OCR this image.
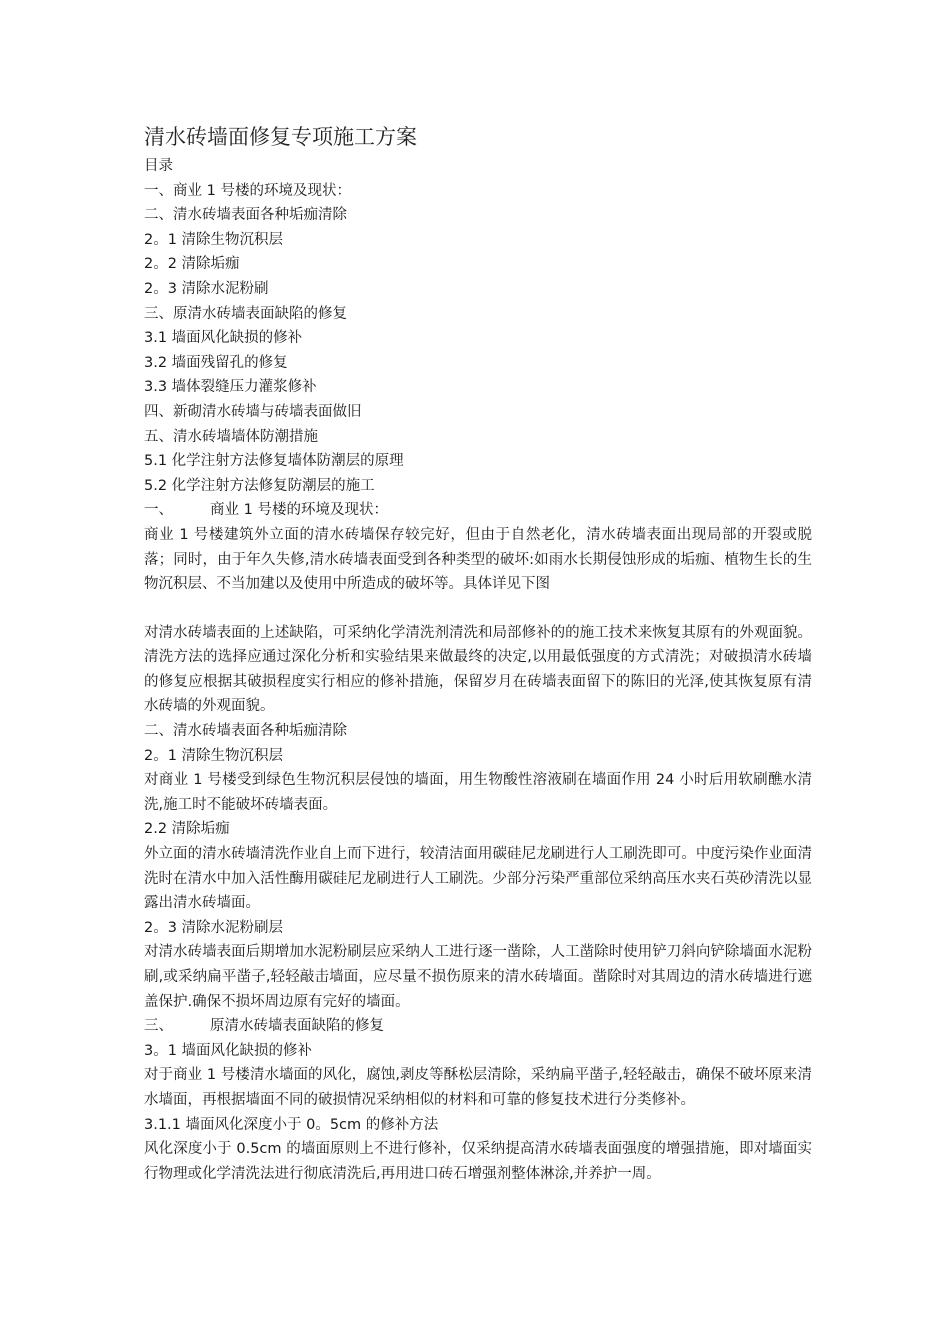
清水砖墙面修复专项施工方案

目录

一、商业 1 号楼的环境及现状：

二、清水砖墙表面各种垢痂清除

2。1 清除生物沉积层

2。2 清除垢痂

2。3 清除水泥粉刷

三、原清水砖墙表面缺陷的修复

3.1 墙面风化缺损的修补

3.2 墙面残留孔的修复

3.3 墙体裂缝压力灌浆修补

四、新砌清水砖墙与砖墙表面做旧

五、清水砖墙墙体防潮措施

5.1 化学注射方法修复墙体防潮层的原理

5.2 化学注射方法修复防潮层的施工

一、	商业 1 号楼的环境及现状：

商业 1 号楼建筑外立面的清水砖墙保存较完好，但由于自然老化，清水砖墙表面出现局部的开裂或脱落；同时，由于年久失修,清水砖墙表面受到各种类型的破坏:如雨水长期侵蚀形成的垢痂、植物生长的生物沉积层、不当加建以及使用中所造成的破坏等。具体详见下图

对清水砖墙表面的上述缺陷，可采纳化学清洗剂清洗和局部修补的的施工技术来恢复其原有的外观面貌。清洗方法的选择应通过深化分析和实验结果来做最终的决定,以用最低强度的方式清洗；对破损清水砖墙的修复应根据其破损程度实行相应的修补措施，保留岁月在砖墙表面留下的陈旧的光泽,使其恢复原有清水砖墙的外观面貌。

二、清水砖墙表面各种垢痂清除

2。1 清除生物沉积层

对商业 1 号楼受到绿色生物沉积层侵蚀的墙面，用生物酸性溶液刷在墙面作用 24 小时后用软刷醮水清洗,施工时不能破坏砖墙表面。

2.2 清除垢痂

外立面的清水砖墙清洗作业自上而下进行，较清洁面用碳硅尼龙刷进行人工刷洗即可。中度污染作业面清洗时在清水中加入活性酶用碳硅尼龙刷进行人工刷洗。少部分污染严重部位采纳高压水夹石英砂清洗以显露出清水砖墙面。

2。3 清除水泥粉刷层

对清水砖墙表面后期增加水泥粉刷层应采纳人工进行逐一凿除，人工凿除时使用铲刀斜向铲除墙面水泥粉刷,或采纳扁平凿子,轻轻敲击墙面，应尽量不损伤原来的清水砖墙面。凿除时对其周边的清水砖墙进行遮盖保护.确保不损坏周边原有完好的墙面。

三、	原清水砖墙表面缺陷的修复

3。1 墙面风化缺损的修补

对于商业 1 号楼清水墙面的风化，腐蚀,剥皮等酥松层清除，采纳扁平凿子,轻轻敲击，确保不破坏原来清水墙面，再根据墙面不同的破损情况采纳相似的材料和可靠的修复技术进行分类修补。

3.1.1 墙面风化深度小于 0。5cm 的修补方法

风化深度小于 0.5cm 的墙面原则上不进行修补，仅采纳提高清水砖墙表面强度的增强措施，即对墙面实行物理或化学清洗法进行彻底清洗后,再用进口砖石增强剂整体淋涂,并养护一周。
